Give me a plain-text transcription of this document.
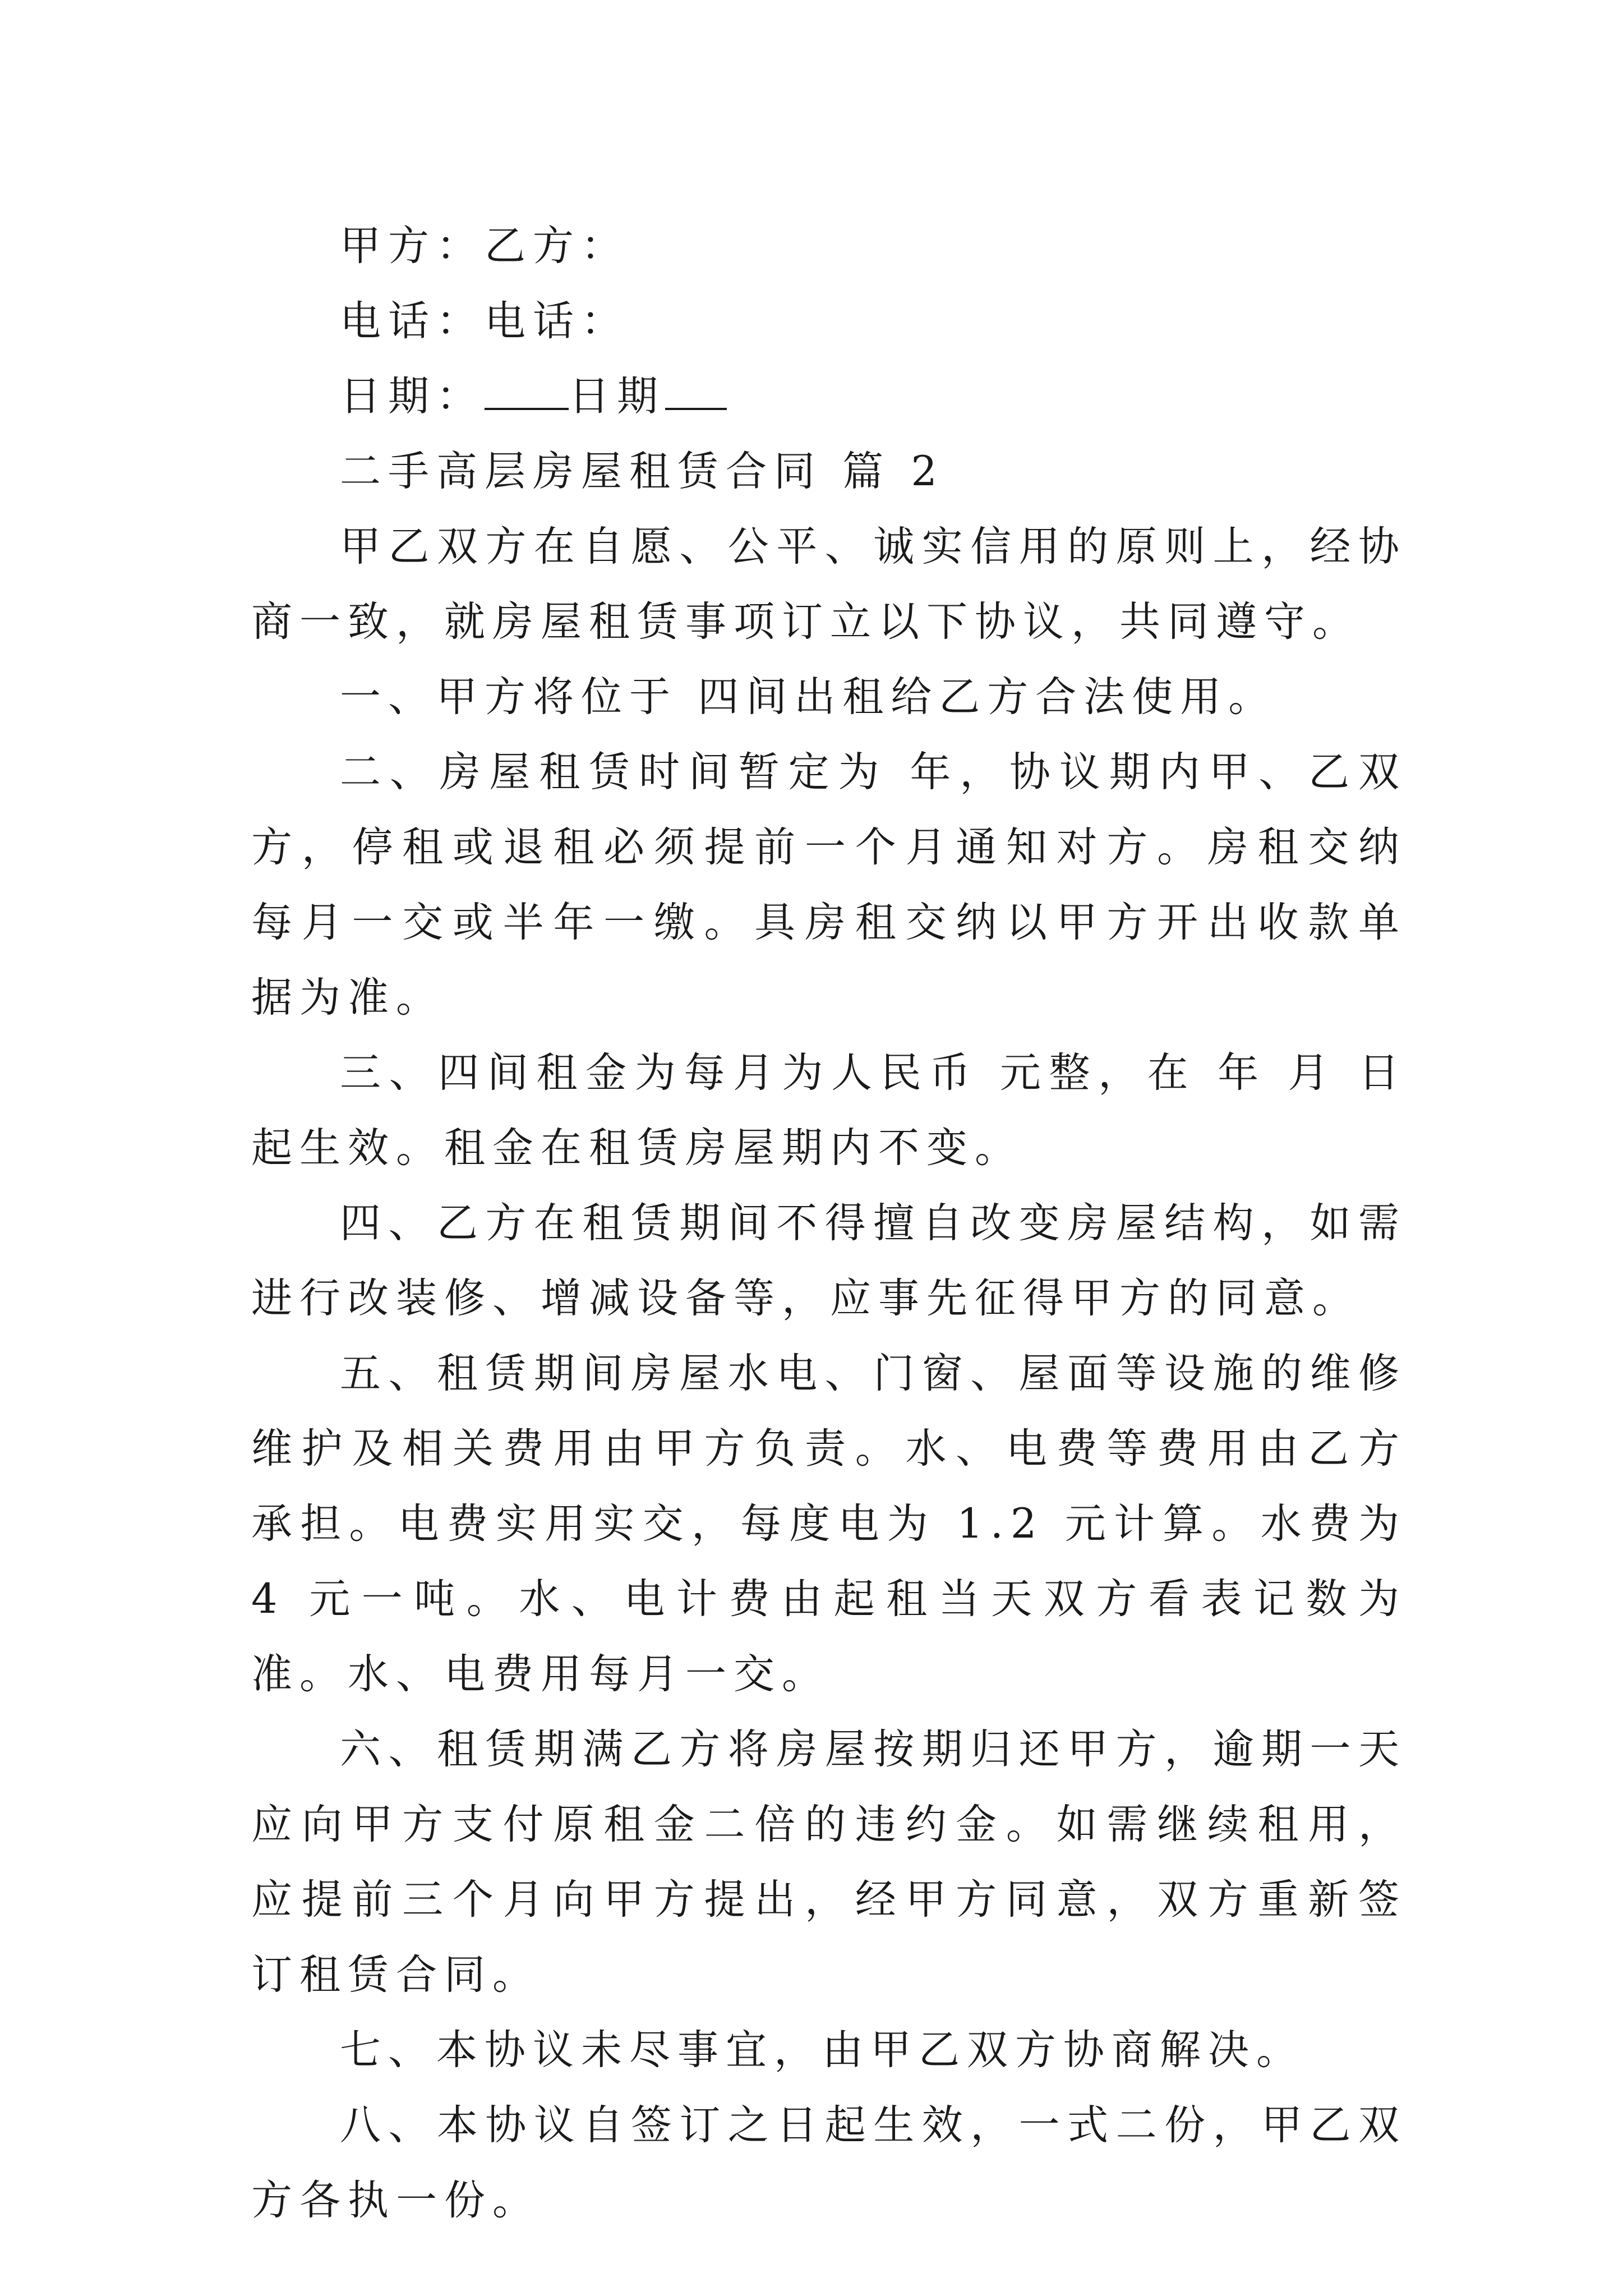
甲方：乙方：

电话：电话：

日期： 日期

二手高层房屋租赁合同 篇 2

甲乙双方在自愿、公平、诚实信用的原则上，经协商一致，就房屋租赁事项订立以下协议，共同遵守。

一、甲方将位于 四间出租给乙方合法使用。

二、房屋租赁时间暂定为 年，协议期内甲、乙双方，停租或退租必须提前一个月通知对方。房租交纳每月一交或半年一缴。具房租交纳以甲方开出收款单据为准。

三、四间租金为每月为人民币 元整，在 年 月 日起生效。租金在租赁房屋期内不变。

四、乙方在租赁期间不得擅自改变房屋结构，如需进行改装修、增减设备等，应事先征得甲方的同意。

五、租赁期间房屋水电、门窗、屋面等设施的维修维护及相关费用由甲方负责。水、电费等费用由乙方承担。电费实用实交，每度电为 1.2 元计算。水费为 4 元一吨。水、电计费由起租当天双方看表记数为准。水、电费用每月一交。

六、租赁期满乙方将房屋按期归还甲方，逾期一天应向甲方支付原租金二倍的违约金。如需继续租用，应提前三个月向甲方提出，经甲方同意，双方重新签订租赁合同。

七、本协议未尽事宜，由甲乙双方协商解决。

八、本协议自签订之日起生效，一式二份，甲乙双方各执一份。
